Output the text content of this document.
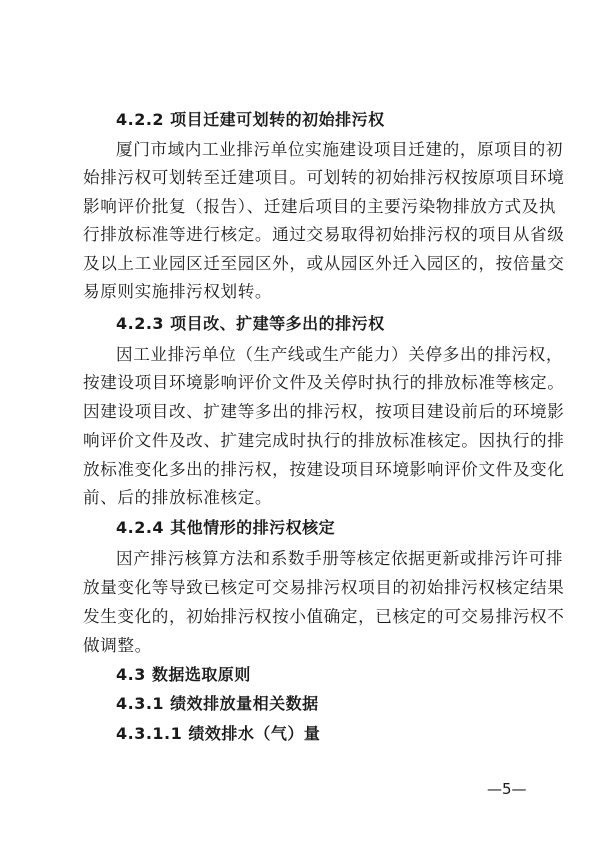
4.2.2 项目迁建可划转的初始排污权
厦门市域内工业排污单位实施建设项目迁建的，原项目的初
始排污权可划转至迁建项目。可划转的初始排污权按原项目环境
影响评价批复（报告）、迁建后项目的主要污染物排放方式及执
行排放标准等进行核定。通过交易取得初始排污权的项目从省级
及以上工业园区迁至园区外，或从园区外迁入园区的，按倍量交
易原则实施排污权划转。
4.2.3 项目改、扩建等多出的排污权
因工业排污单位（生产线或生产能力）关停多出的排污权，
按建设项目环境影响评价文件及关停时执行的排放标准等核定。
因建设项目改、扩建等多出的排污权，按项目建设前后的环境影
响评价文件及改、扩建完成时执行的排放标准核定。因执行的排
放标准变化多出的排污权，按建设项目环境影响评价文件及变化
前、后的排放标准核定。
4.2.4 其他情形的排污权核定
因产排污核算方法和系数手册等核定依据更新或排污许可排
放量变化等导致已核定可交易排污权项目的初始排污权核定结果
发生变化的，初始排污权按小值确定，已核定的可交易排污权不
做调整。
4.3 数据选取原则
4.3.1 绩效排放量相关数据
4.3.1.1 绩效排水（气）量
—5—
